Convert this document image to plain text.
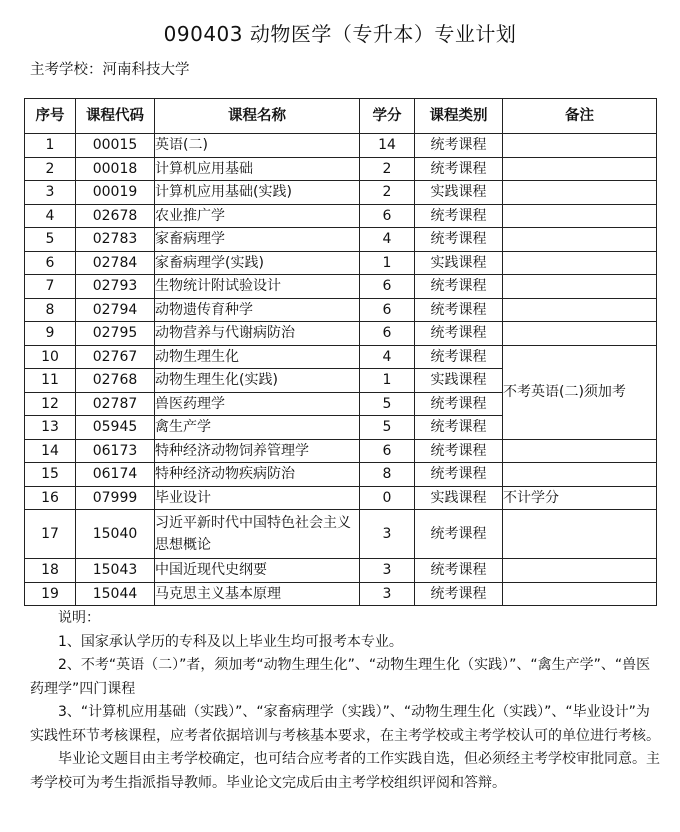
090403 动物医学（专升本）专业计划
主考学校：河南科技大学
序号	课程代码	课程名称	学分	课程类别	备注
1	00015	英语(二)	14	统考课程	
2	00018	计算机应用基础	2	统考课程	
3	00019	计算机应用基础(实践)	2	实践课程	
4	02678	农业推广学	6	统考课程	
5	02783	家畜病理学	4	统考课程	
6	02784	家畜病理学(实践)	1	实践课程	
7	02793	生物统计附试验设计	6	统考课程	
8	02794	动物遗传育种学	6	统考课程	
9	02795	动物营养与代谢病防治	6	统考课程	
10	02767	动物生理生化	4	统考课程	不考英语(二)须加考
11	02768	动物生理生化(实践)	1	实践课程	
12	02787	兽医药理学	5	统考课程	
13	05945	禽生产学	5	统考课程	
14	06173	特种经济动物饲养管理学	6	统考课程	
15	06174	特种经济动物疾病防治	8	统考课程	
16	07999	毕业设计	0	实践课程	不计学分
17	15040	习近平新时代中国特色社会主义思想概论	3	统考课程	
18	15043	中国近现代史纲要	3	统考课程	
19	15044	马克思主义基本原理	3	统考课程	

说明：

1、国家承认学历的专科及以上毕业生均可报考本专业。

2、不考“英语（二）”者，须加考“动物生理生化”、“动物生理生化（实践）”、“禽生产学”、“兽医药理学”四门课程

3、“计算机应用基础（实践）”、“家畜病理学（实践）”、“动物生理生化（实践）”、“毕业设计”为实践性环节考核课程，应考者依据培训与考核基本要求，在主考学校或主考学校认可的单位进行考核。

毕业论文题目由主考学校确定，也可结合应考者的工作实践自选，但必须经主考学校审批同意。主考学校可为考生指派指导教师。毕业论文完成后由主考学校组织评阅和答辩。
